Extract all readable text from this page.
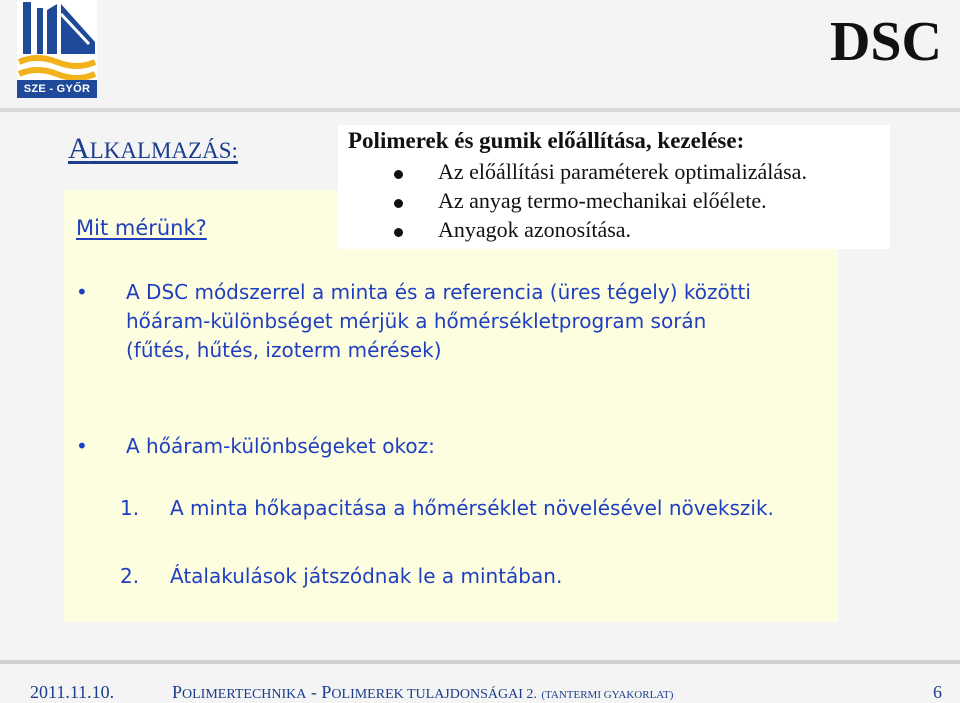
SZE - GYŐR
DSC
ALKALMAZÁS:
Mit mérünk?
• A DSC módszerrel a minta és a referencia (üres tégely) közötti
hőáram-különbséget mérjük a hőmérsékletprogram során
(fűtés, hűtés, izoterm mérések)
• A hőáram-különbségeket okoz:
1. A minta hőkapacitása a hőmérséklet növelésével növekszik.
2. Átalakulások játszódnak le a mintában.
Polimerek és gumik előállítása, kezelése:
Az előállítási paraméterek optimalizálása.
Az anyag termo-mechanikai előélete.
Anyagok azonosítása.
2011.11.10.	POLIMERTECHNIKA - POLIMEREK TULAJDONSÁGAI 2. (TANTERMI GYAKORLAT)	6
